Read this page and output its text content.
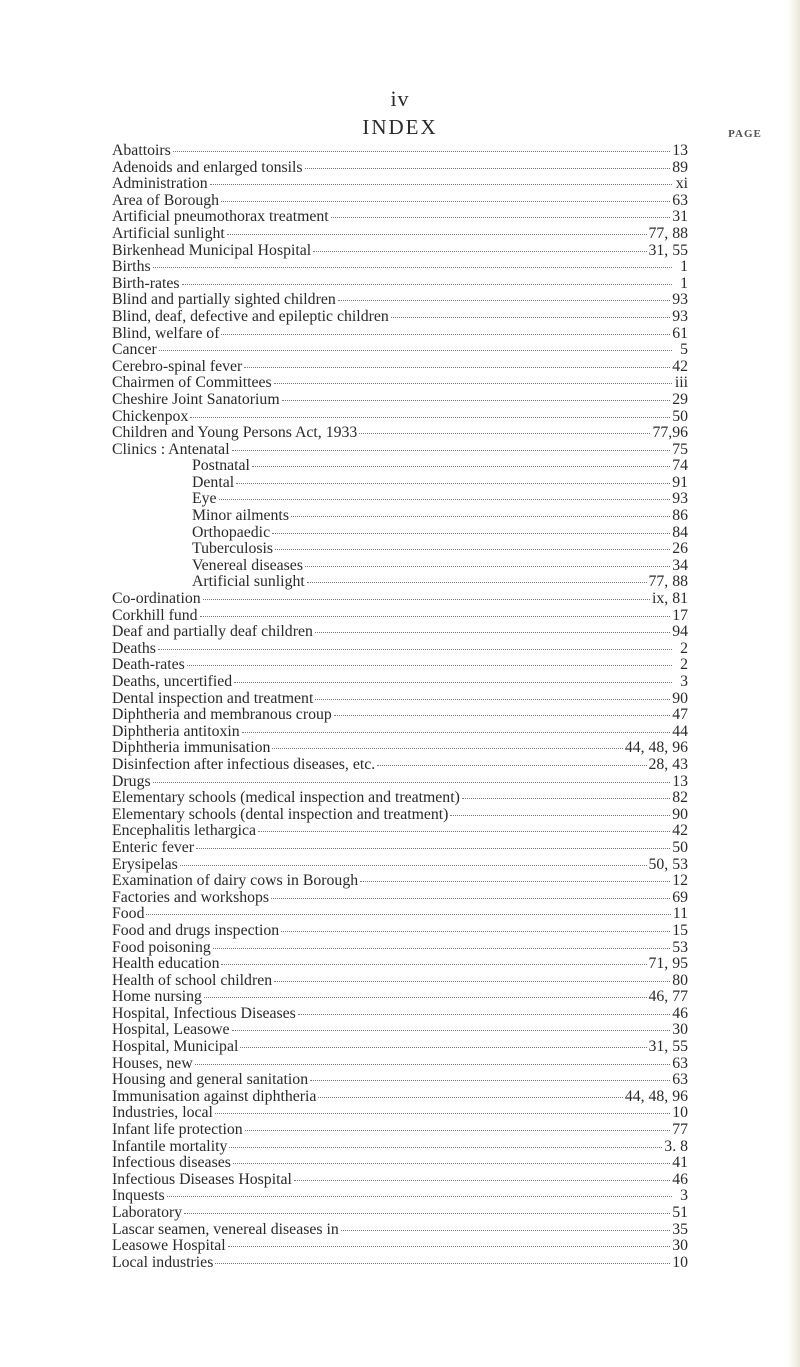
iv
INDEX	PAGE
Abattoirs	13
Adenoids and enlarged tonsils	89
Administration	xi
Area of Borough	63
Artificial pneumothorax treatment	31
Artificial sunlight	77, 88
Birkenhead Municipal Hospital	31, 55
Births	1
Birth-rates	1
Blind and partially sighted children	93
Blind, deaf, defective and epileptic children	93
Blind, welfare of	61
Cancer	5
Cerebro-spinal fever	42
Chairmen of Committees	iii
Cheshire Joint Sanatorium	29
Chickenpox	50
Children and Young Persons Act, 1933	77,96
Clinics : Antenatal	75
Postnatal	74
Dental	91
Eye	93
Minor ailments	86
Orthopaedic	84
Tuberculosis	26
Venereal diseases	34
Artificial sunlight	77, 88
Co-ordination	ix, 81
Corkhill fund	17
Deaf and partially deaf children	94
Deaths	2
Death-rates	2
Deaths, uncertified	3
Dental inspection and treatment	90
Diphtheria and membranous croup	47
Diphtheria antitoxin	44
Diphtheria immunisation	44, 48, 96
Disinfection after infectious diseases, etc.	28, 43
Drugs	13
Elementary schools (medical inspection and treatment)	82
Elementary schools (dental inspection and treatment)	90
Encephalitis lethargica	42
Enteric fever	50
Erysipelas	50, 53
Examination of dairy cows in Borough	12
Factories and workshops	69
Food	11
Food and drugs inspection	15
Food poisoning	53
Health education	71, 95
Health of school children	80
Home nursing	46, 77
Hospital, Infectious Diseases	46
Hospital, Leasowe	30
Hospital, Municipal	31, 55
Houses, new	63
Housing and general sanitation	63
Immunisation against diphtheria	44, 48, 96
Industries, local	10
Infant life protection	77
Infantile mortality	3. 8
Infectious diseases	41
Infectious Diseases Hospital	46
Inquests	3
Laboratory	51
Lascar seamen, venereal diseases in	35
Leasowe Hospital	30
Local industries	10
